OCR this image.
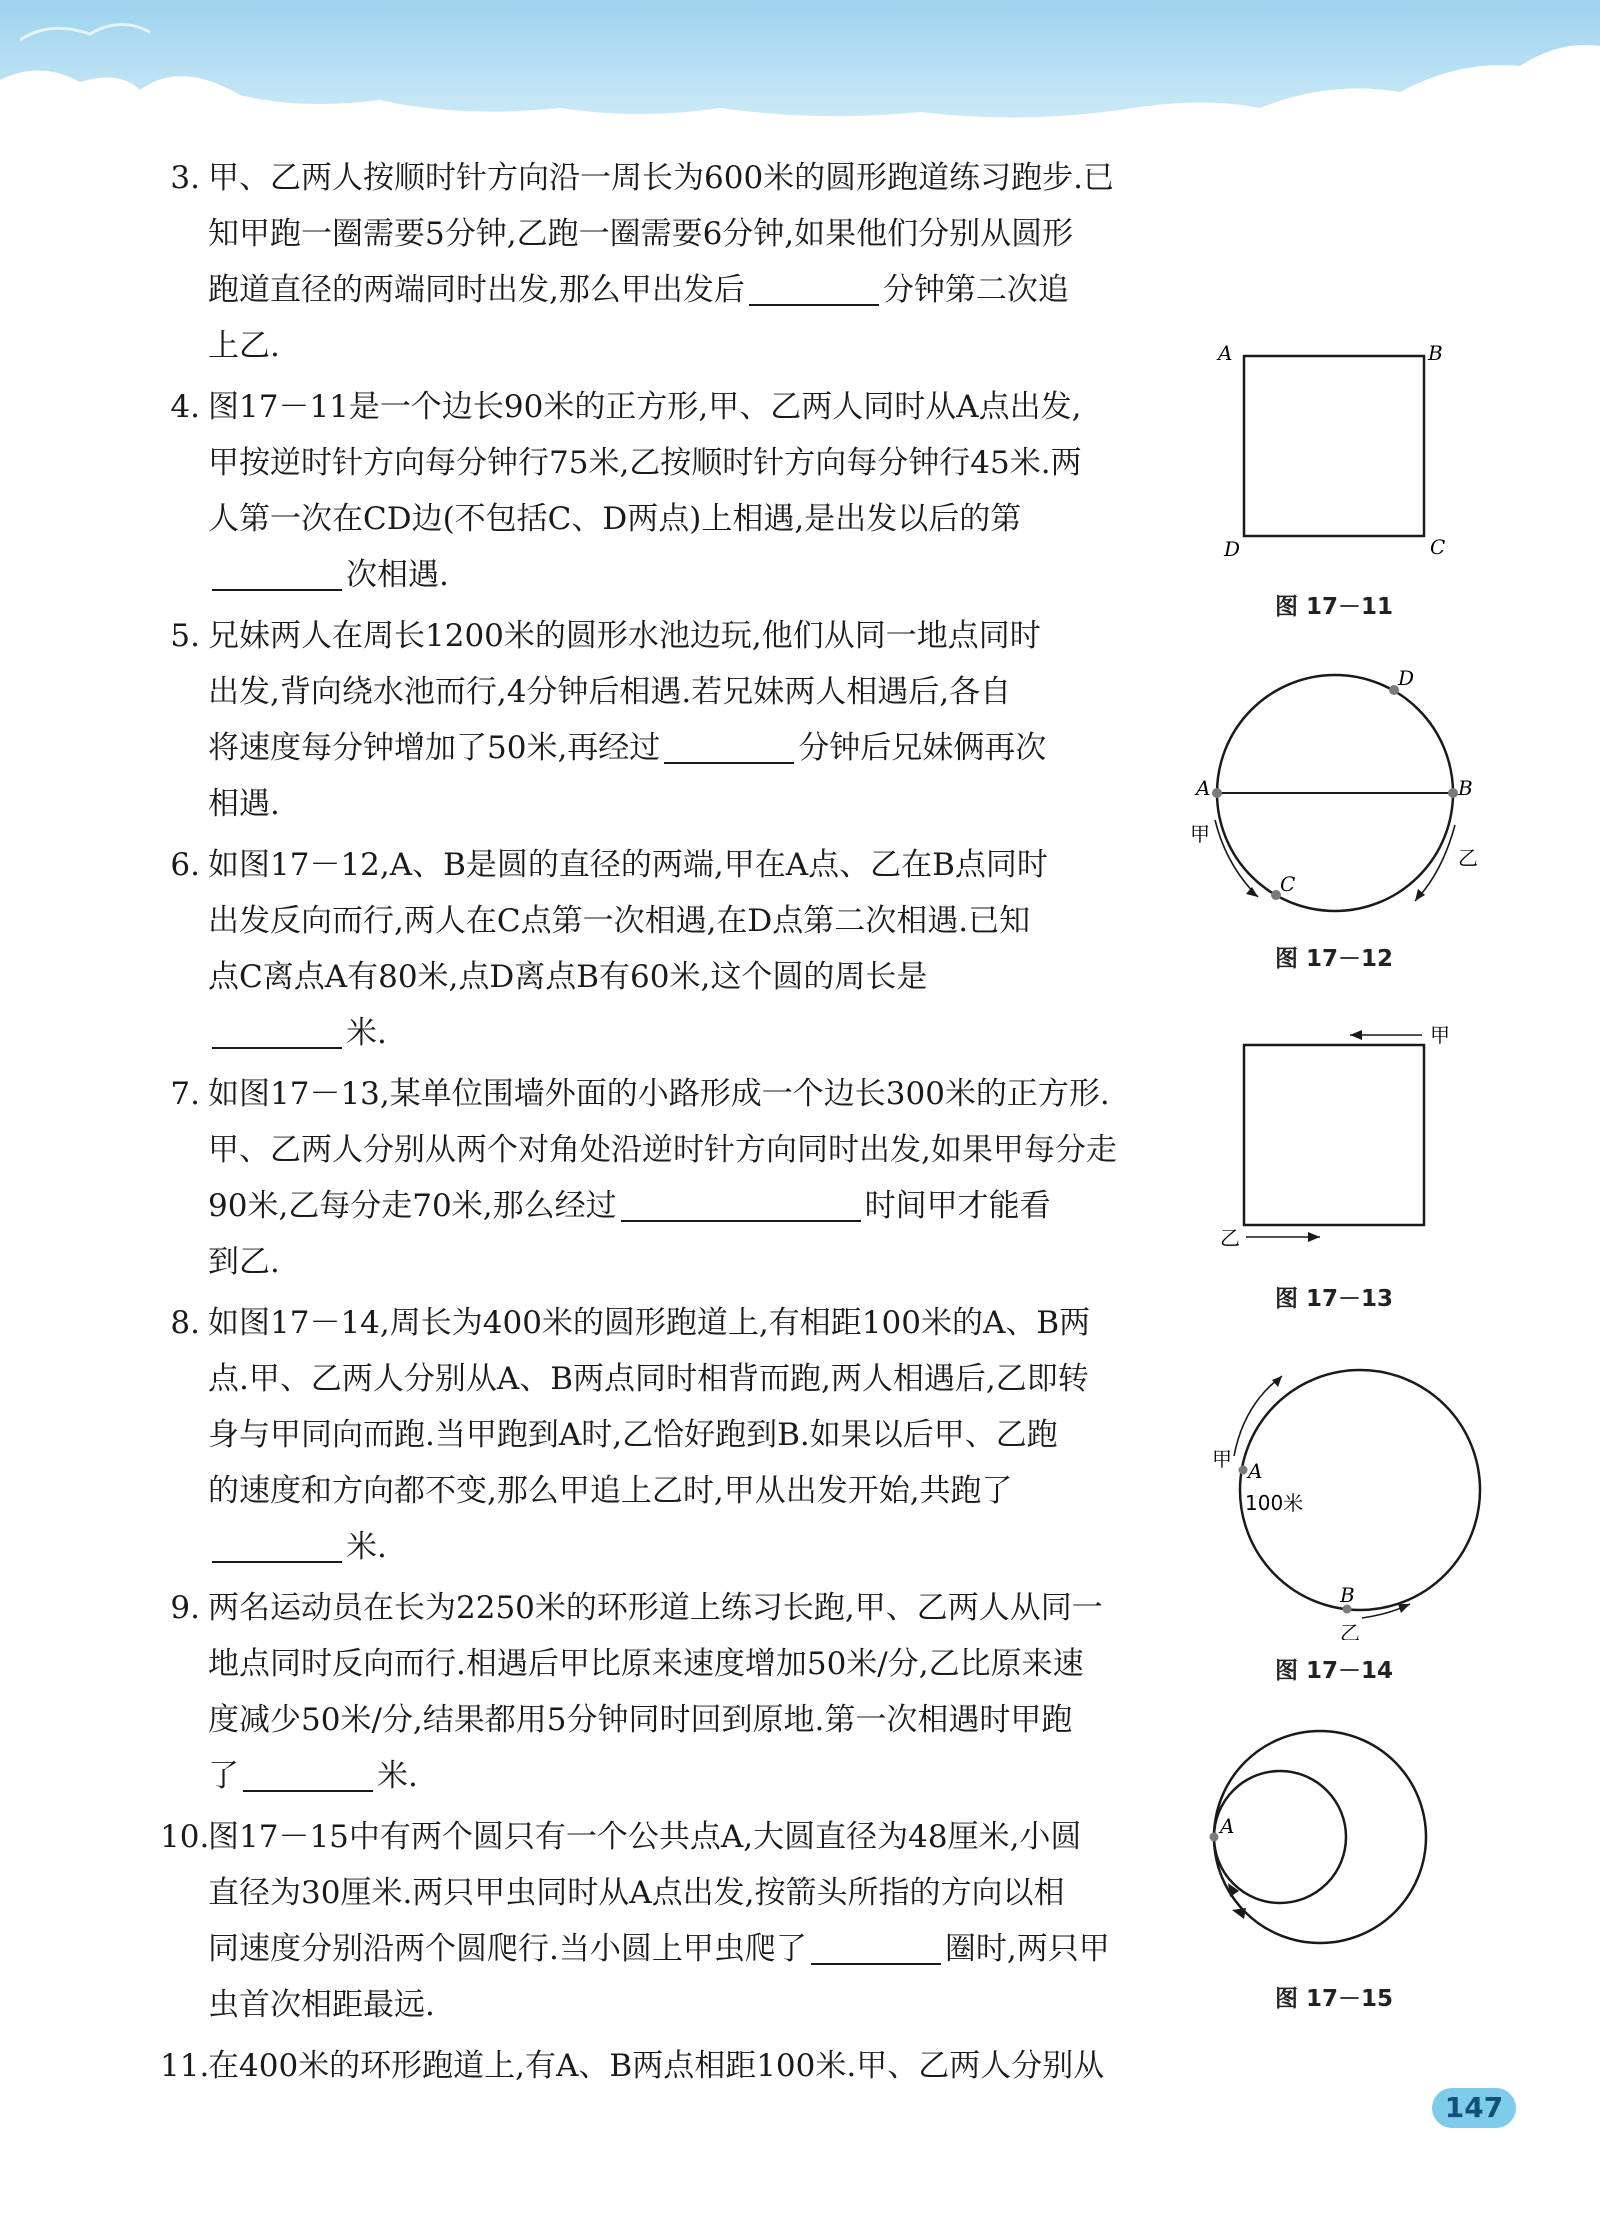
3. 甲、乙两人按顺时针方向沿一周长为600米的圆形跑道练习跑步.已
知甲跑一圈需要5分钟,乙跑一圈需要6分钟,如果他们分别从圆形
跑道直径的两端同时出发,那么甲出发后	分钟第二次追
上乙.
4. 图17－11是一个边长90米的正方形,甲、乙两人同时从A点出发,
甲按逆时针方向每分钟行75米,乙按顺时针方向每分钟行45米.两
人第一次在CD边(不包括C、D两点)上相遇,是出发以后的第
次相遇.
5. 兄妹两人在周长1200米的圆形水池边玩,他们从同一地点同时
出发,背向绕水池而行,4分钟后相遇.若兄妹两人相遇后,各自
将速度每分钟增加了50米,再经过	分钟后兄妹俩再次
相遇.
6. 如图17－12,A、B是圆的直径的两端,甲在A点、乙在B点同时
出发反向而行,两人在C点第一次相遇,在D点第二次相遇.已知
点C离点A有80米,点D离点B有60米,这个圆的周长是
米.
7. 如图17－13,某单位围墙外面的小路形成一个边长300米的正方形.
甲、乙两人分别从两个对角处沿逆时针方向同时出发,如果甲每分走
90米,乙每分走70米,那么经过	时间甲才能看
到乙.
8. 如图17－14,周长为400米的圆形跑道上,有相距100米的A、B两
点.甲、乙两人分别从A、B两点同时相背而跑,两人相遇后,乙即转
身与甲同向而跑.当甲跑到A时,乙恰好跑到B.如果以后甲、乙跑
的速度和方向都不变,那么甲追上乙时,甲从出发开始,共跑了
米.
9. 两名运动员在长为2250米的环形道上练习长跑,甲、乙两人从同一
地点同时反向而行.相遇后甲比原来速度增加50米/分,乙比原来速
度减少50米/分,结果都用5分钟同时回到原地.第一次相遇时甲跑
了	米.
10.
图17－15中有两个圆只有一个公共点A,大圆直径为48厘米,小圆
直径为30厘米.两只甲虫同时从A点出发,按箭头所指的方向以相
同速度分别沿两个圆爬行.当小圆上甲虫爬了	圈时,两只甲
虫首次相距最远.
11.
在400米的环形跑道上,有A、B两点相距100米.甲、乙两人分别从
A	B
C
D
图 17－11
A	B
D
C
甲
乙
图 17－12
甲
乙
图 17－13
A
100米
B
甲
乙
图 17－14
A
图 17－15
147
